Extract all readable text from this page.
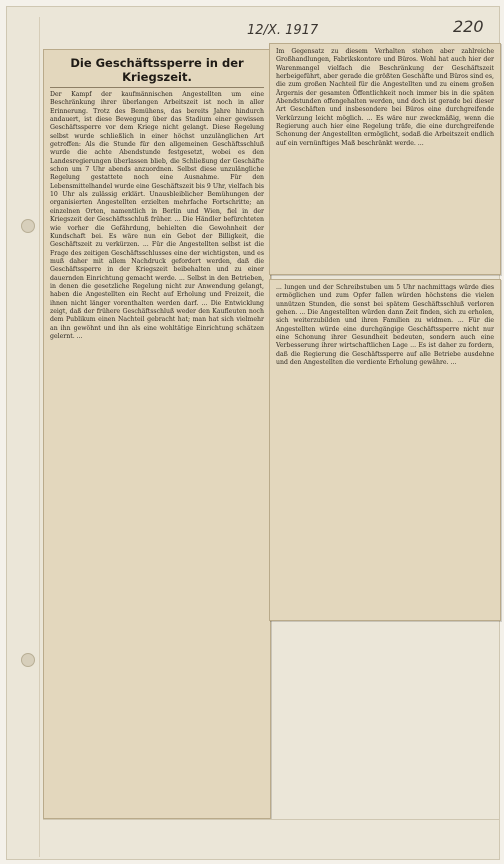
12/X. 1917	220
Die Geschäftssperre in der Kriegszeit.

Der Kampf der kaufmännischen Angestellten um eine Beschränkung ihrer überlangen Arbeitszeit ist noch in aller Erinnerung. Trotz des Bemühens, das bereits Jahre hindurch andauert, ist diese Bewegung über das Stadium einer gewissen Geschäftssperre vor dem Kriege nicht gelangt. Diese Regelung selbst wurde schließlich in einer höchst unzulänglichen Art getroffen: Als die Stunde für den allgemeinen Geschäftsschluß wurde die achte Abendstunde festgesetzt, wobei es den Landesregierungen überlassen blieb, die Schließung der Geschäfte schon um 7 Uhr abends anzuordnen. Selbst diese unzulängliche Regelung gestattete noch eine Ausnahme. Für den Lebensmittelhandel wurde eine Geschäftszeit bis 9 Uhr, vielfach bis 10 Uhr als zulässig erklärt. Unausbleiblicher Bemühungen der organisierten Angestellten erzielten mehrfache Fortschritte; an einzelnen Orten, namentlich in Berlin und Wien, fiel in der Kriegszeit der Geschäftsschluß früher. ... Die Händler befürchteten wie vorher die Gefährdung, behielten die Gewohnheit der Kundschaft bei. Es wäre nun ein Gebot der Billigkeit, die Geschäftszeit zu verkürzen. ... Für die Angestellten selbst ist die Frage des zeitigen Geschäftsschlusses eine der wichtigsten, und es muß daher mit allem Nachdruck gefordert werden, daß die Geschäftssperre in der Kriegszeit beibehalten und zu einer dauernden Einrichtung gemacht werde. ... Selbst in den Betrieben, in denen die gesetzliche Regelung nicht zur Anwendung gelangt, haben die Angestellten ein Recht auf Erholung und Freizeit, die ihnen nicht länger vorenthalten werden darf. ... Die Entwicklung zeigt, daß der frühere Geschäftsschluß weder den Kaufleuten noch dem Publikum einen Nachteil gebracht hat; man hat sich vielmehr an ihn gewöhnt und ihn als eine wohltätige Einrichtung schätzen gelernt. ...

Im Gegensatz zu diesem Verhalten stehen aber zahlreiche Großhandlungen, Fabrikskontore und Büros. Wohl hat auch hier der Warenmangel vielfach die Beschränkung der Geschäftszeit herbeigeführt, aber gerade die größten Geschäfte und Büros sind es, die zum großen Nachteil für die Angestellten und zu einem großen Ärgernis der gesamten Öffentlichkeit noch immer bis in die späten Abendstunden offengehalten werden, und doch ist gerade bei dieser Art Geschäften und insbesondere bei Büros eine durchgreifende Verkürzung leicht möglich. ... Es wäre nur zweckmäßig, wenn die Regierung auch hier eine Regelung träfe, die eine durchgreifende Schonung der Angestellten ermöglicht, sodaß die Arbeitszeit endlich auf ein vernünftiges Maß beschränkt werde. ...

... lungen und der Schreibstuben um 5 Uhr nachmittags würde dies ermöglichen und zum Opfer fallen würden höchstens die vielen unnützen Stunden, die sonst bei spätem Geschäftsschluß verloren gehen. ... Die Angestellten würden dann Zeit finden, sich zu erholen, sich weiterzubilden und ihren Familien zu widmen. ... Für die Angestellten würde eine durchgängige Geschäftssperre nicht nur eine Schonung ihrer Gesundheit bedeuten, sondern auch eine Verbesserung ihrer wirtschaftlichen Lage ... Es ist daher zu fordern, daß die Regierung die Geschäftssperre auf alle Betriebe ausdehne und den Angestellten die verdiente Erholung gewähre. ...
